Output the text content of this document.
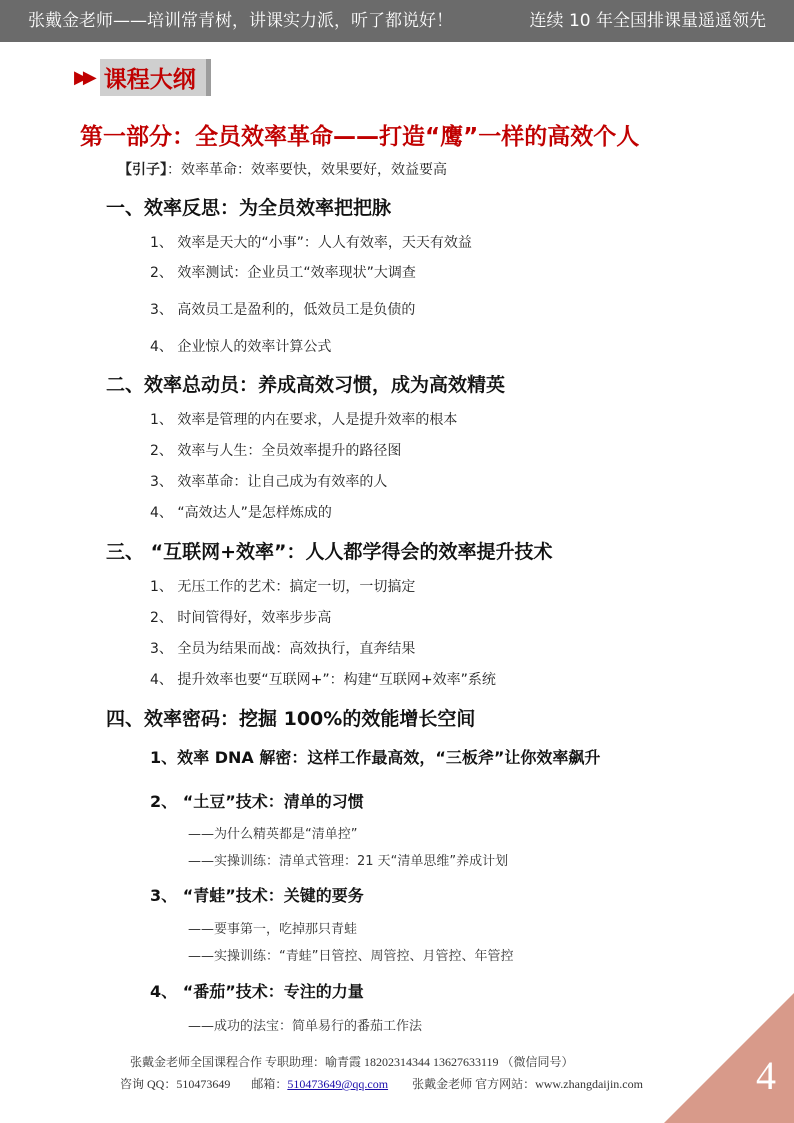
张戴金老师——培训常青树，讲课实力派，听了都说好！	连续 10 年全国排课量遥遥领先
▶▶ 课程大纲
第一部分：全员效率革命——打造“鹰”一样的高效个人
【引子】：效率革命：效率要快，效果要好，效益要高
一、效率反思：为全员效率把把脉
1、 效率是天大的“小事”：人人有效率，天天有效益
2、 效率测试：企业员工“效率现状”大调查
3、 高效员工是盈利的，低效员工是负债的
4、 企业惊人的效率计算公式
二、效率总动员：养成高效习惯，成为高效精英
1、 效率是管理的内在要求，人是提升效率的根本
2、 效率与人生：全员效率提升的路径图
3、 效率革命：让自己成为有效率的人
4、 “高效达人”是怎样炼成的
三、 “互联网+效率”：人人都学得会的效率提升技术
1、 无压工作的艺术：搞定一切，一切搞定
2、 时间管得好，效率步步高
3、 全员为结果而战：高效执行，直奔结果
4、 提升效率也要“互联网+”：构建“互联网+效率”系统
四、效率密码：挖掘 100%的效能增长空间
1、效率 DNA 解密：这样工作最高效，“三板斧”让你效率飙升
2、 “土豆”技术：清单的习惯
——为什么精英都是“清单控”
——实操训练：清单式管理：21 天“清单思维”养成计划
3、 “青蛙”技术：关键的要务
——要事第一，吃掉那只青蛙
——实操训练：“青蛙”日管控、周管控、月管控、年管控
4、 “番茄”技术：专注的力量
——成功的法宝：简单易行的番茄工作法
张戴金老师全国课程合作 专职助理：喻青霞 18202314344 13627633119 （微信同号）
咨询 QQ：510473649 邮箱：510473649@qq.com 张戴金老师 官方网站：www.zhangdaijin.com	4
